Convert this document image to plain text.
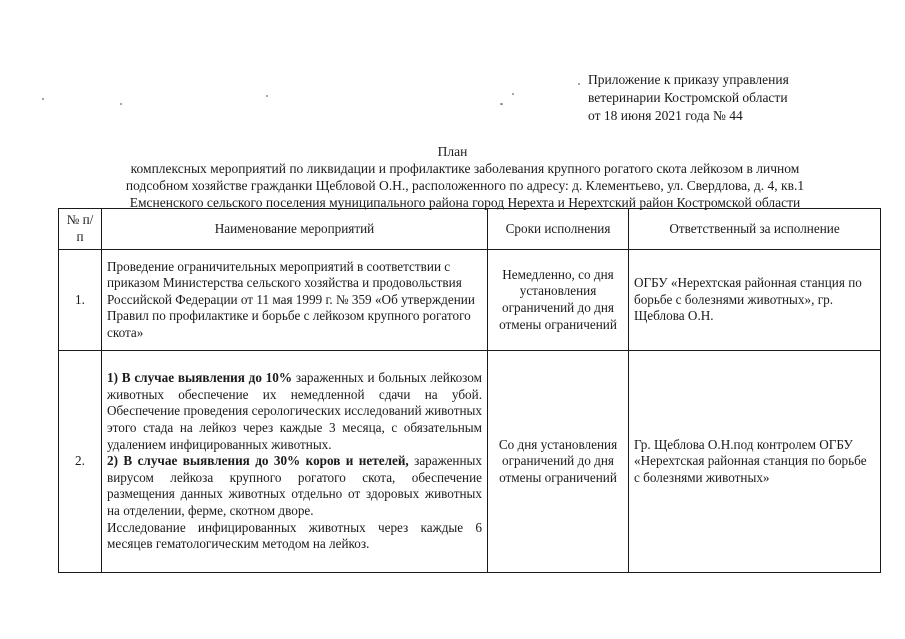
Приложение к приказу управления
ветеринарии Костромской области
от 18 июня 2021 года № 44
План
комплексных мероприятий по ликвидации и профилактике заболевания крупного рогатого скота лейкозом в личном
подсобном хозяйстве гражданки Щебловой О.Н., расположенного по адресу: д. Клементьево, ул. Свердлова, д. 4, кв.1
Емсненского сельского поселения муниципального района город Нерехта и Нерехтский район Костромской области
№ п/п	Наименование мероприятий	Сроки исполнения	Ответственный за исполнение
1.	Проведение ограничительных мероприятий в соответствии с приказом Министерства сельского хозяйства и продовольствия Российской Федерации от 11 мая 1999 г. № 359 «Об утверждении Правил по профилактике и борьбе с лейкозом крупного рогатого скота»	Немедленно, со дня установления ограничений до дня отмены ограничений	ОГБУ «Нерехтская районная станция по борьбе с болезнями животных», гр. Щеблова О.Н.
2.	1) В случае выявления до 10% зараженных и больных лейкозом животных обеспечение их немедленной сдачи на убой. Обеспечение проведения серологических исследований животных этого стада на лейкоз через каждые 3 месяца, с обязательным удалением инфицированных животных.

2) В случае выявления до 30% коров и нетелей, зараженных вирусом лейкоза крупного рогатого скота, обеспечение размещения данных животных отдельно от здоровых животных на отделении, ферме, скотном дворе.

Исследование инфицированных животных через каждые 6 месяцев гематологическим методом на лейкоз.	Со дня установления ограничений до дня отмены ограничений	Гр. Щеблова О.Н.под контролем ОГБУ «Нерехтская районная станция по борьбе с болезнями животных»
